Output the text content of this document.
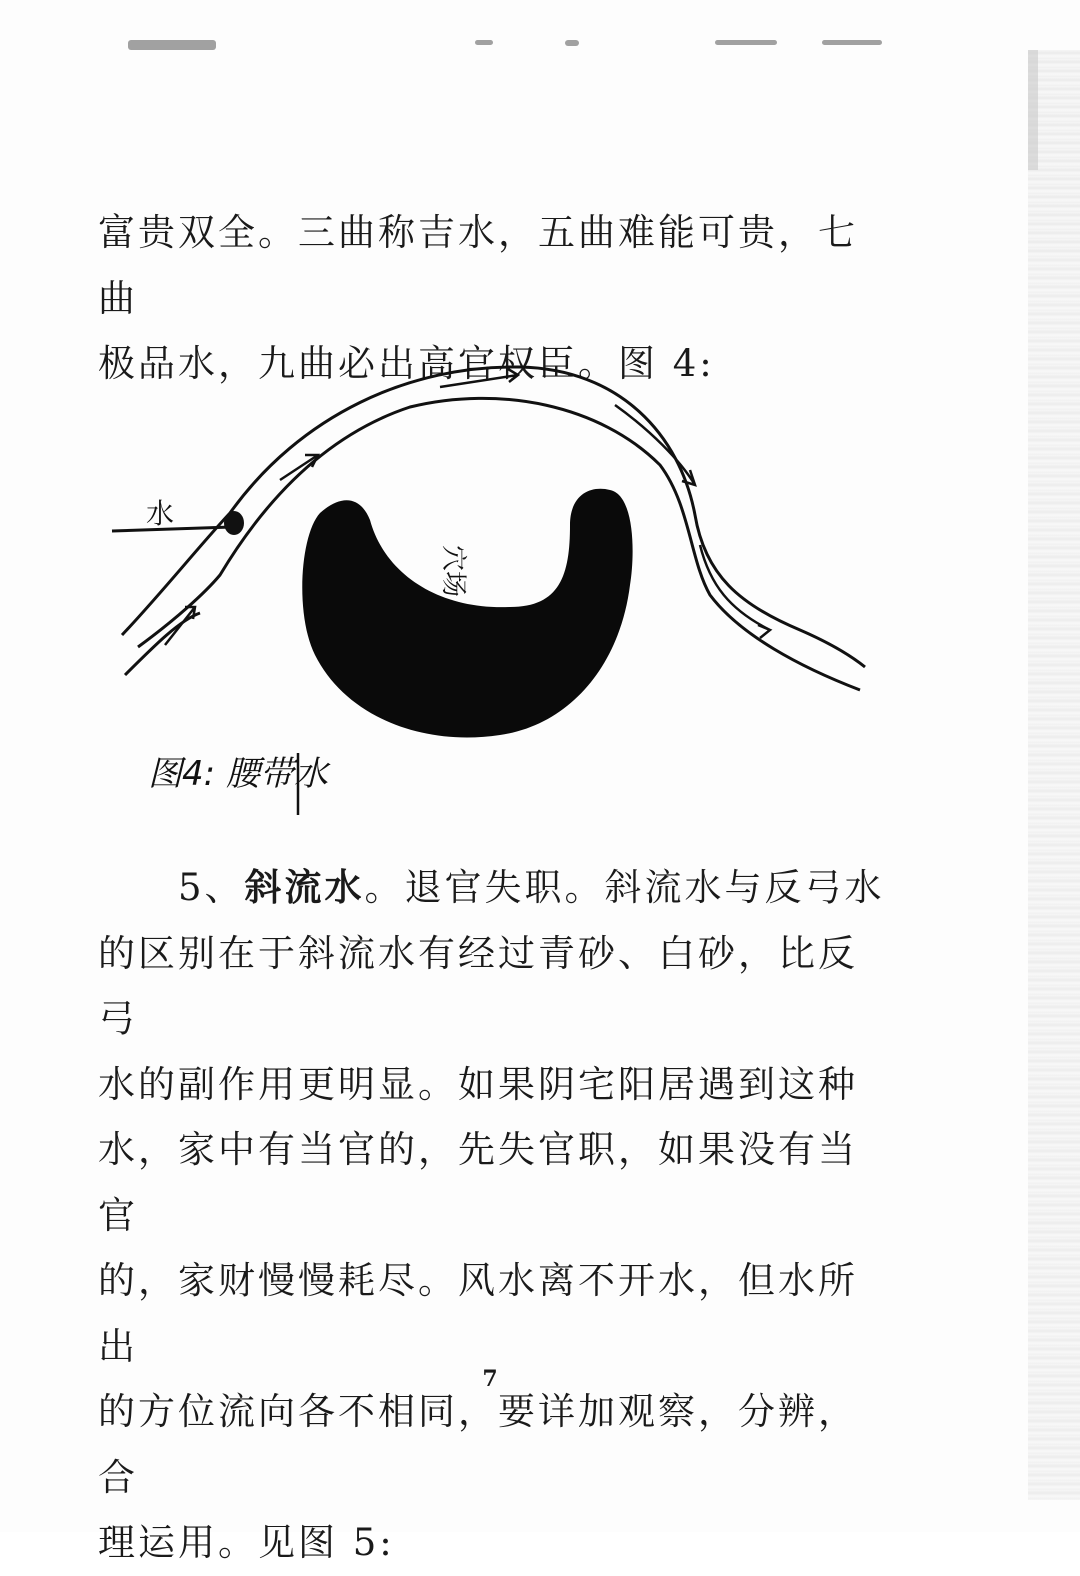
富贵双全。三曲称吉水，五曲难能可贵，七曲

极品水，九曲必出高官权臣。图 4:

水
穴场
图4: 腰带水

5、斜流水。退官失职。斜流水与反弓水

的区别在于斜流水有经过青砂、白砂，比反弓

水的副作用更明显。如果阴宅阳居遇到这种

水，家中有当官的，先失官职，如果没有当官

的，家财慢慢耗尽。风水离不开水，但水所出

的方位流向各不相同，要详加观察，分辨，合

理运用。见图 5:

7
